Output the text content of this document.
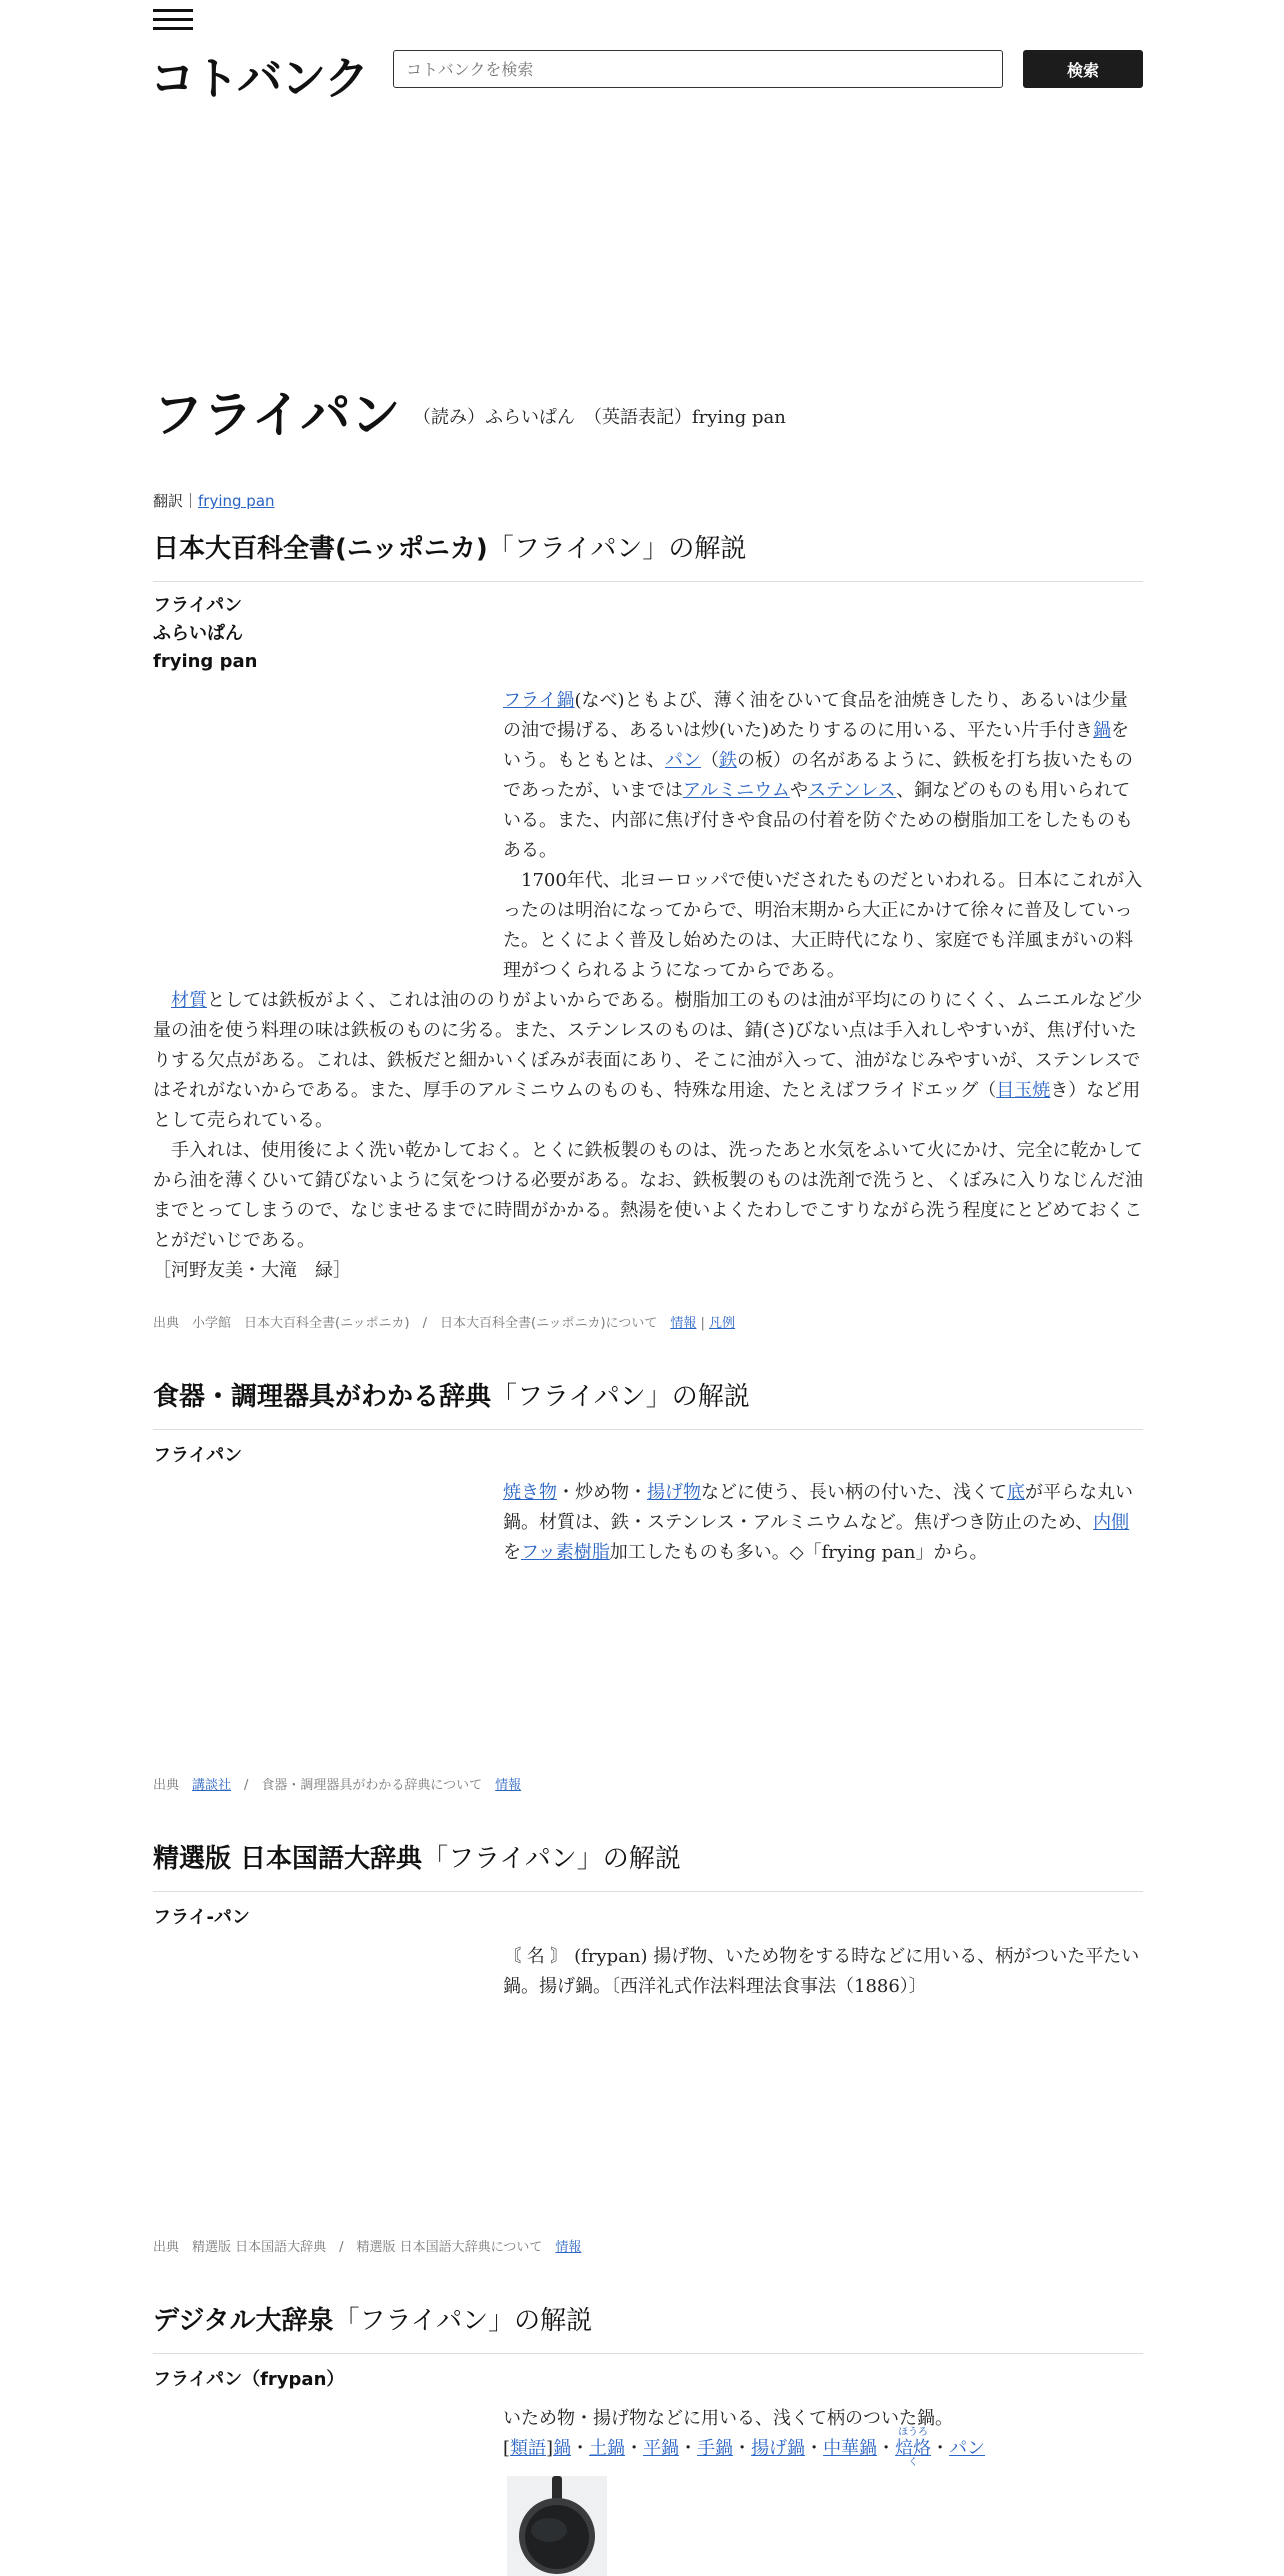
コトバンク
コトバンクを検索	検索
フライパン （読み）ふらいぱん　（英語表記）frying pan
翻訳｜frying pan
日本大百科全書(ニッポニカ)「フライパン」の解説
フライパン
ふらいぱん
frying pan

フライ鍋(なべ)ともよび、薄く油をひいて食品を油焼きしたり、あるいは少量の油で揚げる、あるいは炒(いた)めたりするのに用いる、平たい片手付き鍋をいう。もともとは、パン（鉄の板）の名があるように、鉄板を打ち抜いたものであったが、いまではアルミニウムやステンレス、銅などのものも用いられている。また、内部に焦げ付きや食品の付着を防ぐための樹脂加工をしたものもある。

　1700年代、北ヨーロッパで使いだされたものだといわれる。日本にこれが入ったのは明治になってからで、明治末期から大正にかけて徐々に普及していった。とくによく普及し始めたのは、大正時代になり、家庭でも洋風まがいの料理がつくられるようになってからである。

　材質としては鉄板がよく、これは油ののりがよいからである。樹脂加工のものは油が平均にのりにくく、ムニエルなど少量の油を使う料理の味は鉄板のものに劣る。また、ステンレスのものは、錆(さ)びない点は手入れしやすいが、焦げ付いたりする欠点がある。これは、鉄板だと細かいくぼみが表面にあり、そこに油が入って、油がなじみやすいが、ステンレスではそれがないからである。また、厚手のアルミニウムのものも、特殊な用途、たとえばフライドエッグ（目玉焼き）など用として売られている。

　手入れは、使用後によく洗い乾かしておく。とくに鉄板製のものは、洗ったあと水気をふいて火にかけ、完全に乾かしてから油を薄くひいて錆びないように気をつける必要がある。なお、鉄板製のものは洗剤で洗うと、くぼみに入りなじんだ油までとってしまうので、なじませるまでに時間がかかる。熱湯を使いよくたわしでこすりながら洗う程度にとどめておくことがだいじである。

［河野友美・大滝　緑］

出典　小学館　日本大百科全書(ニッポニカ)　/　日本大百科全書(ニッポニカ)について　情報 | 凡例
食器・調理器具がわかる辞典「フライパン」の解説
フライパン

焼き物・炒め物・揚げ物などに使う、長い柄の付いた、浅くて底が平らな丸い鍋。材質は、鉄・ステンレス・アルミニウムなど。焦げつき防止のため、内側をフッ素樹脂加工したものも多い。◇「frying pan」から。

出典　講談社　/　食器・調理器具がわかる辞典について　情報
精選版 日本国語大辞典「フライパン」の解説
フライ-パン

〘 名 〙 (frypan) 揚げ物、いため物をする時などに用いる、柄がついた平たい鍋。揚げ鍋。〔西洋礼式作法料理法食事法（1886）〕

出典　精選版 日本国語大辞典　/　精選版 日本国語大辞典について　情報
デジタル大辞泉「フライパン」の解説
フライパン（frypan）

いため物・揚げ物などに用いる、浅くて柄のついた鍋。

[類語]鍋・土鍋・平鍋・手鍋・揚げ鍋・中華鍋・
ほうろく
焙烙・パン
